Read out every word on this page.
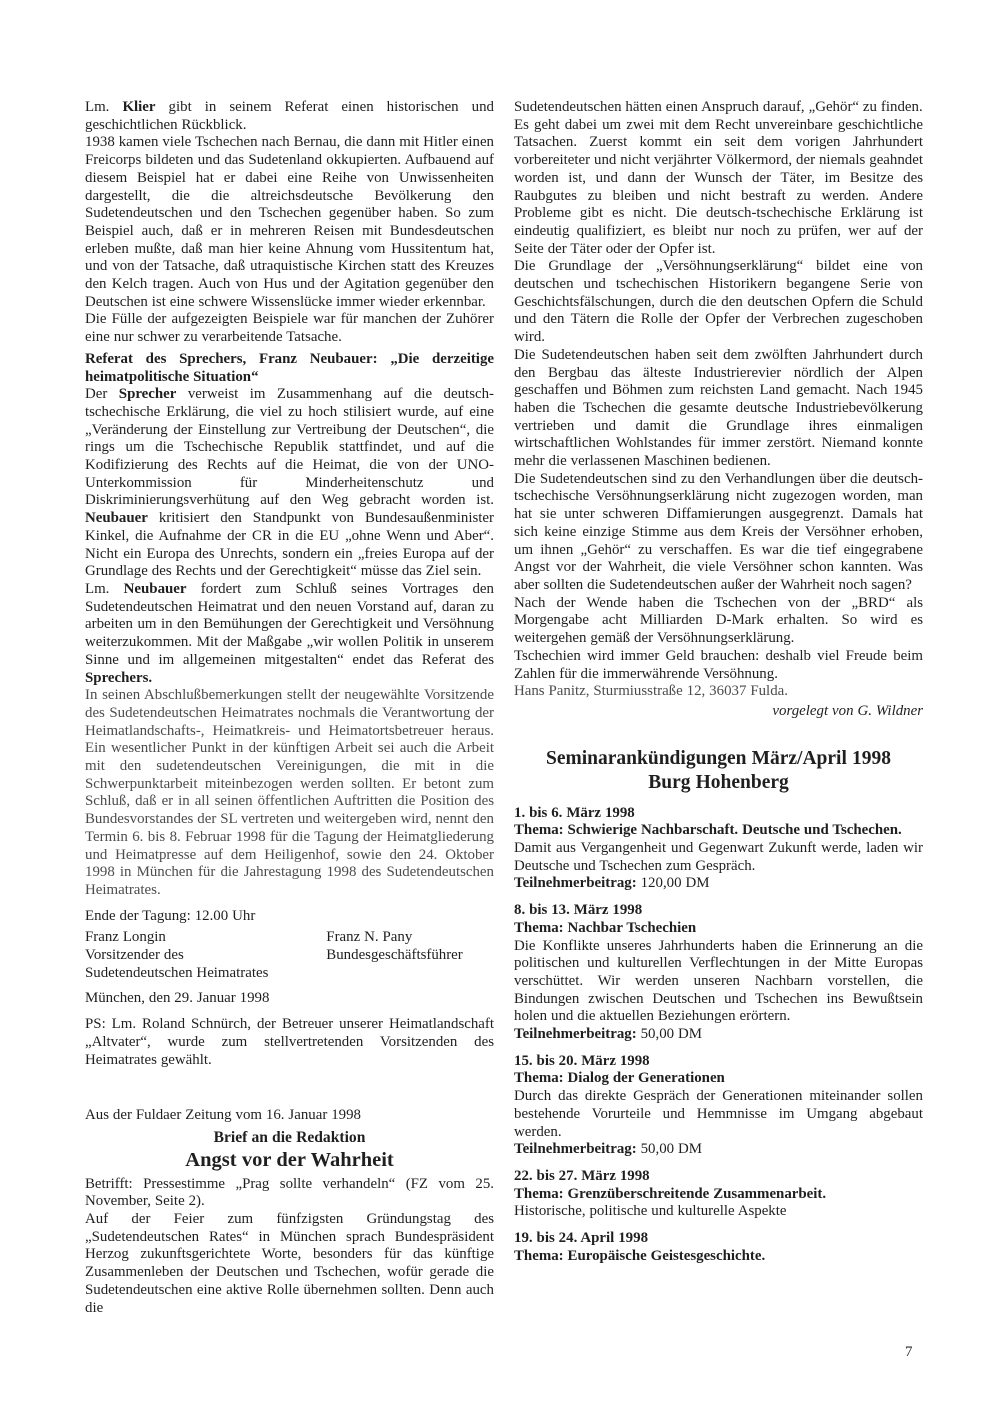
Lm. Klier gibt in seinem Referat einen historischen und geschichtlichen Rückblick.
1938 kamen viele Tschechen nach Bernau, die dann mit Hitler einen Freicorps bildeten und das Sudetenland okkupierten. Aufbauend auf diesem Beispiel hat er dabei eine Reihe von Unwissenheiten dargestellt, die die altreichsdeutsche Bevölkerung den Sudetendeutschen und den Tschechen gegenüber haben. So zum Beispiel auch, daß er in mehreren Reisen mit Bundesdeutschen erleben mußte, daß man hier keine Ahnung vom Hussitentum hat, und von der Tatsache, daß utraquistische Kirchen statt des Kreuzes den Kelch tragen. Auch von Hus und der Agitation gegenüber den Deutschen ist eine schwere Wissenslücke immer wieder erkennbar.
Die Fülle der aufgezeigten Beispiele war für manchen der Zuhörer eine nur schwer zu verarbeitende Tatsache.
Referat des Sprechers, Franz Neubauer: „Die derzeitige heimatpolitische Situation“
Der Sprecher verweist im Zusammenhang auf die deutsch-tschechische Erklärung, die viel zu hoch stilisiert wurde, auf eine „Veränderung der Einstellung zur Vertreibung der Deutschen“, die rings um die Tschechische Republik stattfindet, und auf die Kodifizierung des Rechts auf die Heimat, die von der UNO-Unterkommission für Minderheitenschutz und Diskriminierungsverhütung auf den Weg gebracht worden ist. Neubauer kritisiert den Standpunkt von Bundesaußenminister Kinkel, die Aufnahme der CR in die EU „ohne Wenn und Aber“. Nicht ein Europa des Unrechts, sondern ein „freies Europa auf der Grundlage des Rechts und der Gerechtigkeit“ müsse das Ziel sein.
Lm. Neubauer fordert zum Schluß seines Vortrages den Sudetendeutschen Heimatrat und den neuen Vorstand auf, daran zu arbeiten um in den Bemühungen der Gerechtigkeit und Versöhnung weiterzukommen. Mit der Maßgabe „wir wollen Politik in unserem Sinne und im allgemeinen mitgestalten“ endet das Referat des Sprechers.
In seinen Abschlußbemerkungen stellt der neugewählte Vorsitzende des Sudetendeutschen Heimatrates nochmals die Verantwortung der Heimatlandschafts-, Heimatkreis- und Heimatortsbetreuer heraus. Ein wesentlicher Punkt in der künftigen Arbeit sei auch die Arbeit mit den sudetendeutschen Vereinigungen, die mit in die Schwerpunktarbeit miteinbezogen werden sollten. Er betont zum Schluß, daß er in all seinen öffentlichen Auftritten die Position des Bundesvorstandes der SL vertreten und weitergeben wird, nennt den Termin 6. bis 8. Februar 1998 für die Tagung der Heimatgliederung und Heimatpresse auf dem Heiligenhof, sowie den 24. Oktober 1998 in München für die Jahrestagung 1998 des Sudetendeutschen Heimatrates.
Ende der Tagung: 12.00 Uhr
Franz Longin
Vorsitzender des
Sudetendeutschen Heimatrates
Franz N. Pany
Bundesgeschäftsführer
München, den 29. Januar 1998
PS: Lm. Roland Schnürch, der Betreuer unserer Heimatlandschaft „Altvater“, wurde zum stellvertretenden Vorsitzenden des Heimatrates gewählt.
Aus der Fuldaer Zeitung vom 16. Januar 1998
Brief an die Redaktion
Angst vor der Wahrheit
Betrifft: Pressestimme „Prag sollte verhandeln“ (FZ vom 25. November, Seite 2).
Auf der Feier zum fünfzigsten Gründungstag des „Sudetendeutschen Rates“ in München sprach Bundespräsident Herzog zukunftsgerichtete Worte, besonders für das künftige Zusammenleben der Deutschen und Tschechen, wofür gerade die Sudetendeutschen eine aktive Rolle übernehmen sollten. Denn auch die
Sudetendeutschen hätten einen Anspruch darauf, „Gehör“ zu finden.
Es geht dabei um zwei mit dem Recht unvereinbare geschichtliche Tatsachen. Zuerst kommt ein seit dem vorigen Jahrhundert vorbereiteter und nicht verjährter Völkermord, der niemals geahndet worden ist, und dann der Wunsch der Täter, im Besitze des Raubgutes zu bleiben und nicht bestraft zu werden. Andere Probleme gibt es nicht. Die deutsch-tschechische Erklärung ist eindeutig qualifiziert, es bleibt nur noch zu prüfen, wer auf der Seite der Täter oder der Opfer ist.
Die Grundlage der „Versöhnungserklärung“ bildet eine von deutschen und tschechischen Historikern begangene Serie von Geschichtsfälschungen, durch die den deutschen Opfern die Schuld und den Tätern die Rolle der Opfer der Verbrechen zugeschoben wird.
Die Sudetendeutschen haben seit dem zwölften Jahrhundert durch den Bergbau das älteste Industrierevier nördlich der Alpen geschaffen und Böhmen zum reichsten Land gemacht. Nach 1945 haben die Tschechen die gesamte deutsche Industriebevölkerung vertrieben und damit die Grundlage ihres einmaligen wirtschaftlichen Wohlstandes für immer zerstört. Niemand konnte mehr die verlassenen Maschinen bedienen.
Die Sudetendeutschen sind zu den Verhandlungen über die deutsch-tschechische Versöhnungserklärung nicht zugezogen worden, man hat sie unter schweren Diffamierungen ausgegrenzt. Damals hat sich keine einzige Stimme aus dem Kreis der Versöhner erhoben, um ihnen „Gehör“ zu verschaffen. Es war die tief eingegrabene Angst vor der Wahrheit, die viele Versöhner schon kannten. Was aber sollten die Sudetendeutschen außer der Wahrheit noch sagen?
Nach der Wende haben die Tschechen von der „BRD“ als Morgengabe acht Milliarden D-Mark erhalten. So wird es weitergehen gemäß der Versöhnungserklärung.
Tschechien wird immer Geld brauchen: deshalb viel Freude beim Zahlen für die immerwährende Versöhnung.
Hans Panitz, Sturmiusstraße 12, 36037 Fulda.
vorgelegt von G. Wildner
Seminarankündigungen März/April 1998
Burg Hohenberg
1. bis 6. März 1998
Thema: Schwierige Nachbarschaft. Deutsche und Tschechen.
Damit aus Vergangenheit und Gegenwart Zukunft werde, laden wir Deutsche und Tschechen zum Gespräch.
Teilnehmerbeitrag: 120,00 DM
8. bis 13. März 1998
Thema: Nachbar Tschechien
Die Konflikte unseres Jahrhunderts haben die Erinnerung an die politischen und kulturellen Verflechtungen in der Mitte Europas verschüttet. Wir werden unseren Nachbarn vorstellen, die Bindungen zwischen Deutschen und Tschechen ins Bewußtsein holen und die aktuellen Beziehungen erörtern.
Teilnehmerbeitrag: 50,00 DM
15. bis 20. März 1998
Thema: Dialog der Generationen
Durch das direkte Gespräch der Generationen miteinander sollen bestehende Vorurteile und Hemmnisse im Umgang abgebaut werden.
Teilnehmerbeitrag: 50,00 DM
22. bis 27. März 1998
Thema: Grenzüberschreitende Zusammenarbeit.
Historische, politische und kulturelle Aspekte
19. bis 24. April 1998
Thema: Europäische Geistesgeschichte.
7
